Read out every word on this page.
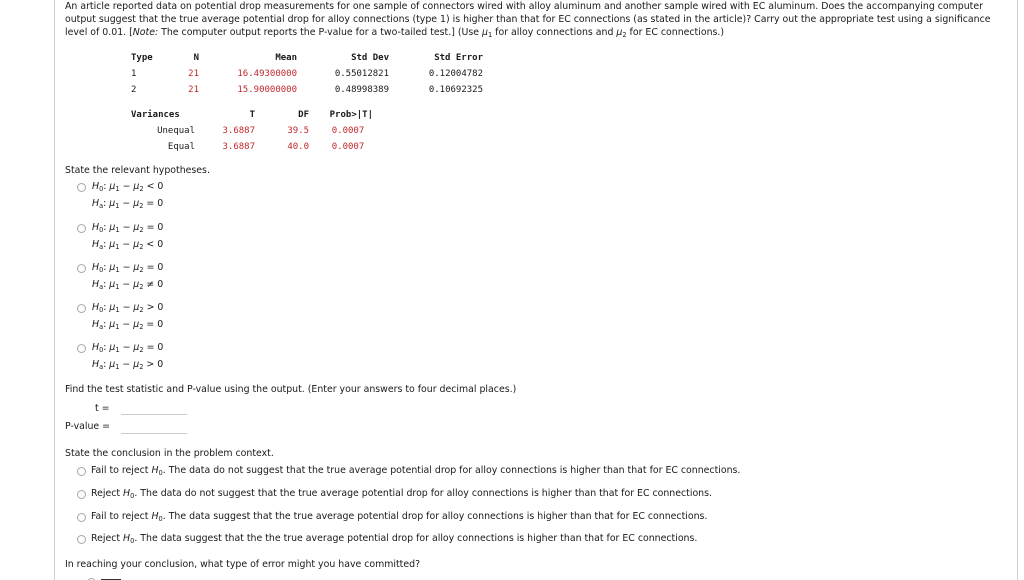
An article reported data on potential drop measurements for one sample of connectors wired with alloy aluminum and another sample wired with EC aluminum. Does the accompanying computer
output suggest that the true average potential drop for alloy connections (type 1) is higher than that for EC connections (as stated in the article)? Carry out the appropriate test using a significance
level of 0.01. [Note: The computer output reports the P-value for a two-tailed test.] (Use $\mu_1$ for alloy connections and $\mu_2$ for EC connections.)
Type	N	Mean	Std Dev	Std Error
1	21	16.49300000	0.55012821	0.12004782
2	21	15.90000000	0.48998389	0.10692325
Variances	T	DF	Prob>|T|
Unequal	3.6887	39.5	0.0007
Equal	3.6887	40.0	0.0007
State the relevant hypotheses.
$H_0$: $\mu_1 - \mu_2 < 0$
$H_a$: $\mu_1 - \mu_2 = 0$
$H_0$: $\mu_1 - \mu_2 = 0$
$H_a$: $\mu_1 - \mu_2 < 0$
$H_0$: $\mu_1 - \mu_2 = 0$
$H_a$: $\mu_1 - \mu_2 \ne 0$
$H_0$: $\mu_1 - \mu_2 > 0$
$H_a$: $\mu_1 - \mu_2 = 0$
$H_0$: $\mu_1 - \mu_2 = 0$
$H_a$: $\mu_1 - \mu_2 > 0$
Find the test statistic and P-value using the output. (Enter your answers to four decimal places.)
t =
P-value =
State the conclusion in the problem context.
Fail to reject $H_0$. The data do not suggest that the true average potential drop for alloy connections is higher than that for EC connections.
Reject $H_0$. The data do not suggest that the true average potential drop for alloy connections is higher than that for EC connections.
Fail to reject $H_0$. The data suggest that the true average potential drop for alloy connections is higher than that for EC connections.
Reject $H_0$. The data suggest that the the true average potential drop for alloy connections is higher than that for EC connections.
In reaching your conclusion, what type of error might you have committed?
